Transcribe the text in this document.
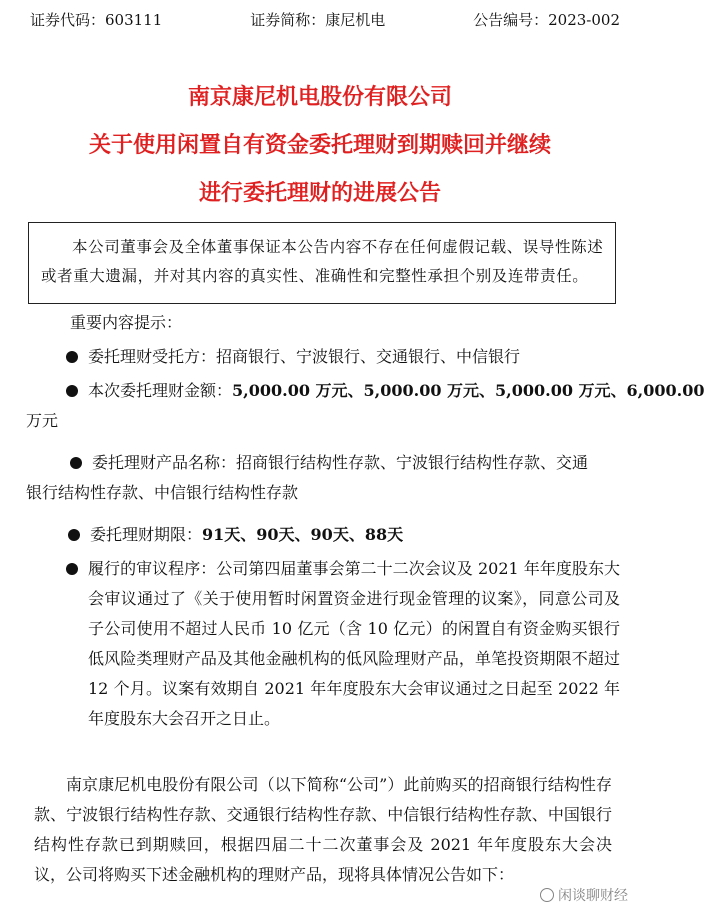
证券代码：603111	证券简称：康尼机电	公告编号：2023-002
南京康尼机电股份有限公司
关于使用闲置自有资金委托理财到期赎回并继续
进行委托理财的进展公告

本公司董事会及全体董事保证本公告内容不存在任何虚假记载、误导性陈述或者重大遗漏，并对其内容的真实性、准确性和完整性承担个别及连带责任。

重要内容提示：
委托理财受托方：招商银行、宁波银行、交通银行、中信银行
本次委托理财金额：5,000.00 万元、5,000.00 万元、5,000.00 万元、6,000.00
万元
委托理财产品名称：招商银行结构性存款、宁波银行结构性存款、交通
银行结构性存款、中信银行结构性存款
委托理财期限：91天、90天、90天、88天
履行的审议程序：公司第四届董事会第二十二次会议及 2021 年年度股东大会审议通过了《关于使用暂时闲置资金进行现金管理的议案》，同意公司及子公司使用不超过人民币 10 亿元（含 10 亿元）的闲置自有资金购买银行低风险类理财产品及其他金融机构的低风险理财产品，单笔投资期限不超过 12 个月。议案有效期自 2021 年年度股东大会审议通过之日起至 2022 年年度股东大会召开之日止。

南京康尼机电股份有限公司（以下简称“公司”）此前购买的招商银行结构性存款、宁波银行结构性存款、交通银行结构性存款、中信银行结构性存款、中国银行结构性存款已到期赎回，根据四届二十二次董事会及 2021 年年度股东大会决议，公司将购买下述金融机构的理财产品，现将具体情况公告如下：

闲谈聊财经
